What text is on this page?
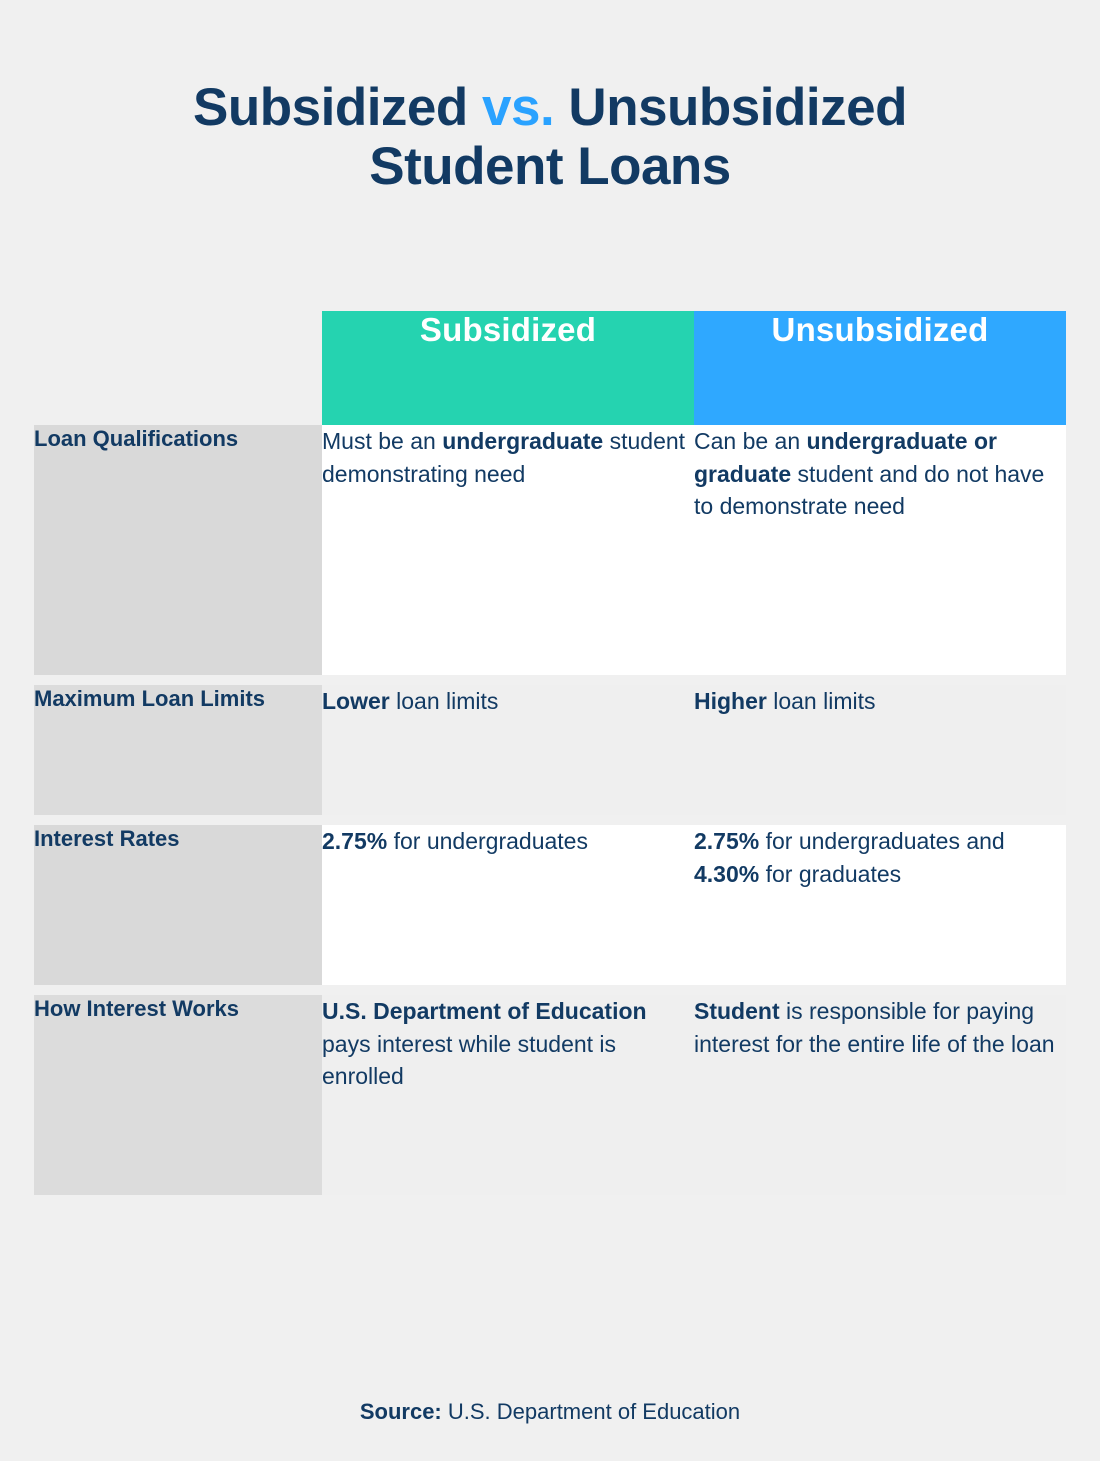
Subsidized vs. Unsubsidized
Student Loans
	Subsidized	Unsubsidized
Loan Qualifications	Must be an undergraduate student demonstrating need	Can be an undergraduate or graduate student and do not have to demonstrate need

Maximum Loan Limits	Lower loan limits	Higher loan limits

Interest Rates	2.75% for undergraduates	2.75% for undergraduates and 4.30% for graduates

How Interest Works	U.S. Department of Education pays interest while student is enrolled	Student is responsible for paying interest for the entire life of the loan
Source: U.S. Department of Education
